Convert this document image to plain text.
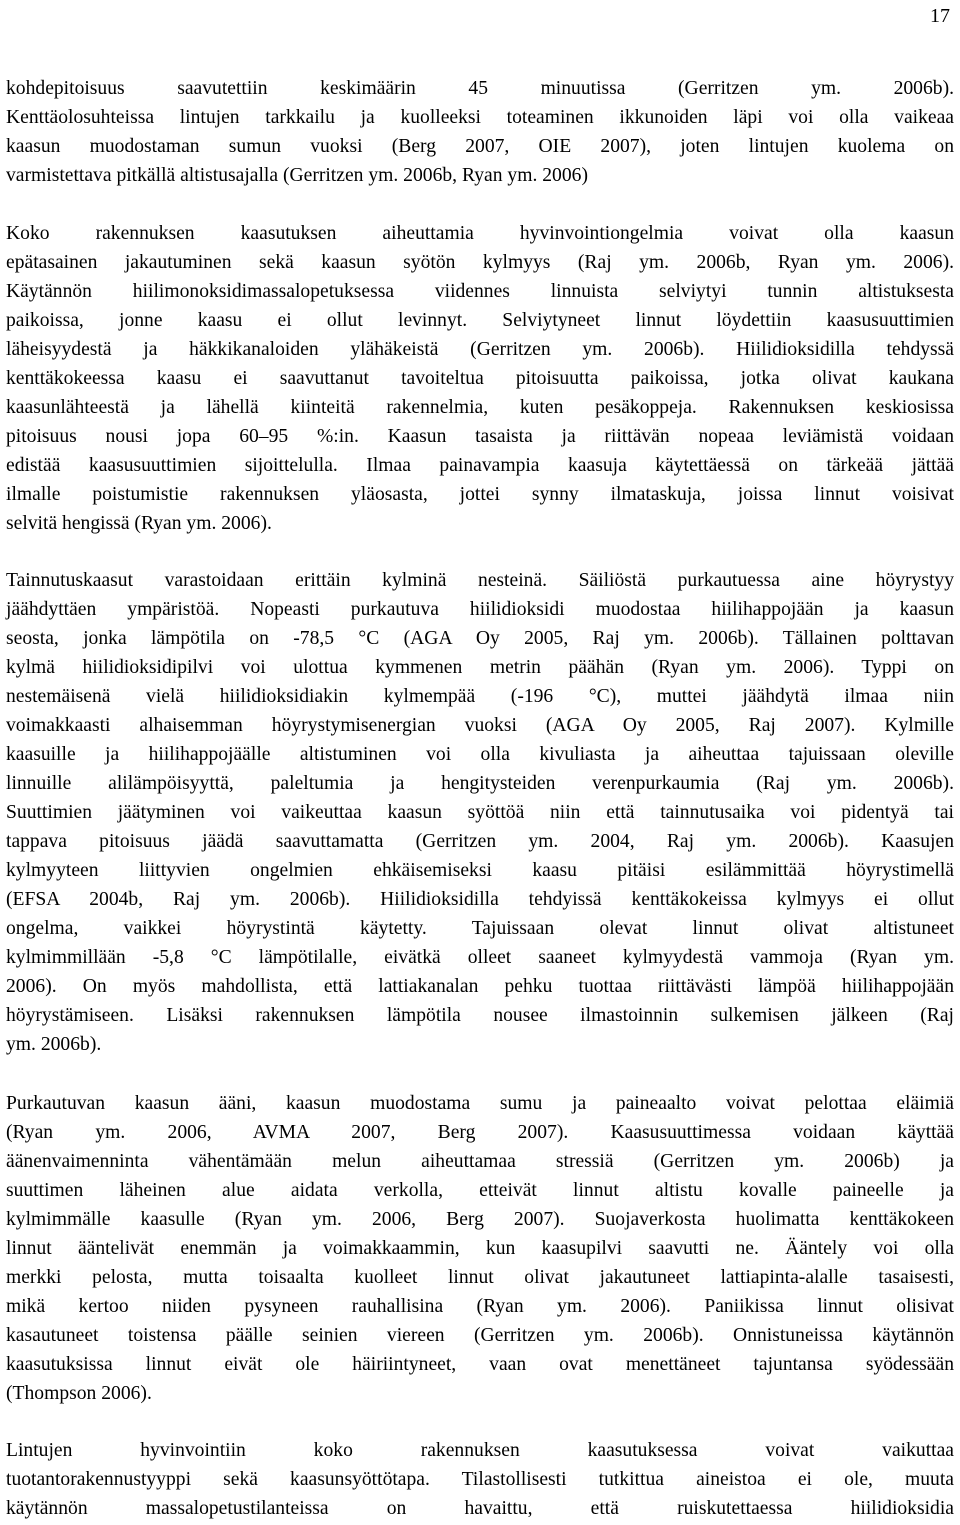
17
kohdepitoisuus saavutettiin keskimäärin 45 minuutissa (Gerritzen ym. 2006b).
Kenttäolosuhteissa lintujen tarkkailu ja kuolleeksi toteaminen ikkunoiden läpi voi olla vaikeaa
kaasun muodostaman sumun vuoksi (Berg 2007, OIE 2007), joten lintujen kuolema on
varmistettava pitkällä altistusajalla (Gerritzen ym. 2006b, Ryan ym. 2006)
Koko rakennuksen kaasutuksen aiheuttamia hyvinvointiongelmia voivat olla kaasun
epätasainen jakautuminen sekä kaasun syötön kylmyys (Raj ym. 2006b, Ryan ym. 2006).
Käytännön hiilimonoksidimassalopetuksessa viidennes linnuista selviytyi tunnin altistuksesta
paikoissa, jonne kaasu ei ollut levinnyt. Selviytyneet linnut löydettiin kaasusuuttimien
läheisyydestä ja häkkikanaloiden ylähäkeistä (Gerritzen ym. 2006b). Hiilidioksidilla tehdyssä
kenttäkokeessa kaasu ei saavuttanut tavoiteltua pitoisuutta paikoissa, jotka olivat kaukana
kaasunlähteestä ja lähellä kiinteitä rakennelmia, kuten pesäkoppeja. Rakennuksen keskiosissa
pitoisuus nousi jopa 60–95 %:in. Kaasun tasaista ja riittävän nopeaa leviämistä voidaan
edistää kaasusuuttimien sijoittelulla. Ilmaa painavampia kaasuja käytettäessä on tärkeää jättää
ilmalle poistumistie rakennuksen yläosasta, jottei synny ilmataskuja, joissa linnut voisivat
selvitä hengissä (Ryan ym. 2006).
Tainnutuskaasut varastoidaan erittäin kylminä nesteinä. Säiliöstä purkautuessa aine höyrystyy
jäähdyttäen ympäristöä. Nopeasti purkautuva hiilidioksidi muodostaa hiilihappojään ja kaasun
seosta, jonka lämpötila on -78,5 °C (AGA Oy 2005, Raj ym. 2006b). Tällainen polttavan
kylmä hiilidioksidipilvi voi ulottua kymmenen metrin päähän (Ryan ym. 2006). Typpi on
nestemäisenä vielä hiilidioksidiakin kylmempää (-196 °C), muttei jäähdytä ilmaa niin
voimakkaasti alhaisemman höyrystymisenergian vuoksi (AGA Oy 2005, Raj 2007). Kylmille
kaasuille ja hiilihappojäälle altistuminen voi olla kivuliasta ja aiheuttaa tajuissaan oleville
linnuille alilämpöisyyttä, paleltumia ja hengitysteiden verenpurkaumia (Raj ym. 2006b).
Suuttimien jäätyminen voi vaikeuttaa kaasun syöttöä niin että tainnutusaika voi pidentyä tai
tappava pitoisuus jäädä saavuttamatta (Gerritzen ym. 2004, Raj ym. 2006b). Kaasujen
kylmyyteen liittyvien ongelmien ehkäisemiseksi kaasu pitäisi esilämmittää höyrystimellä
(EFSA 2004b, Raj ym. 2006b). Hiilidioksidilla tehdyissä kenttäkokeissa kylmyys ei ollut
ongelma, vaikkei höyrystintä käytetty. Tajuissaan olevat linnut olivat altistuneet
kylmimmillään -5,8 °C lämpötilalle, eivätkä olleet saaneet kylmyydestä vammoja (Ryan ym.
2006). On myös mahdollista, että lattiakanalan pehku tuottaa riittävästi lämpöä hiilihappojään
höyrystämiseen. Lisäksi rakennuksen lämpötila nousee ilmastoinnin sulkemisen jälkeen (Raj
ym. 2006b).
Purkautuvan kaasun ääni, kaasun muodostama sumu ja paineaalto voivat pelottaa eläimiä
(Ryan ym. 2006, AVMA 2007, Berg 2007). Kaasusuuttimessa voidaan käyttää
äänenvaimenninta vähentämään melun aiheuttamaa stressiä (Gerritzen ym. 2006b) ja
suuttimen läheinen alue aidata verkolla, etteivät linnut altistu kovalle paineelle ja
kylmimmälle kaasulle (Ryan ym. 2006, Berg 2007). Suojaverkosta huolimatta kenttäkokeen
linnut ääntelivät enemmän ja voimakkaammin, kun kaasupilvi saavutti ne. Ääntely voi olla
merkki pelosta, mutta toisaalta kuolleet linnut olivat jakautuneet lattiapinta-alalle tasaisesti,
mikä kertoo niiden pysyneen rauhallisina (Ryan ym. 2006). Paniikissa linnut olisivat
kasautuneet toistensa päälle seinien viereen (Gerritzen ym. 2006b). Onnistuneissa käytännön
kaasutuksissa linnut eivät ole häiriintyneet, vaan ovat menettäneet tajuntansa syödessään
(Thompson 2006).
Lintujen hyvinvointiin koko rakennuksen kaasutuksessa voivat vaikuttaa
tuotantorakennustyyppi sekä kaasunsyöttötapa. Tilastollisesti tutkittua aineistoa ei ole, muuta
käytännön massalopetustilanteissa on havaittu, että ruiskutettaessa hiilidioksidia
